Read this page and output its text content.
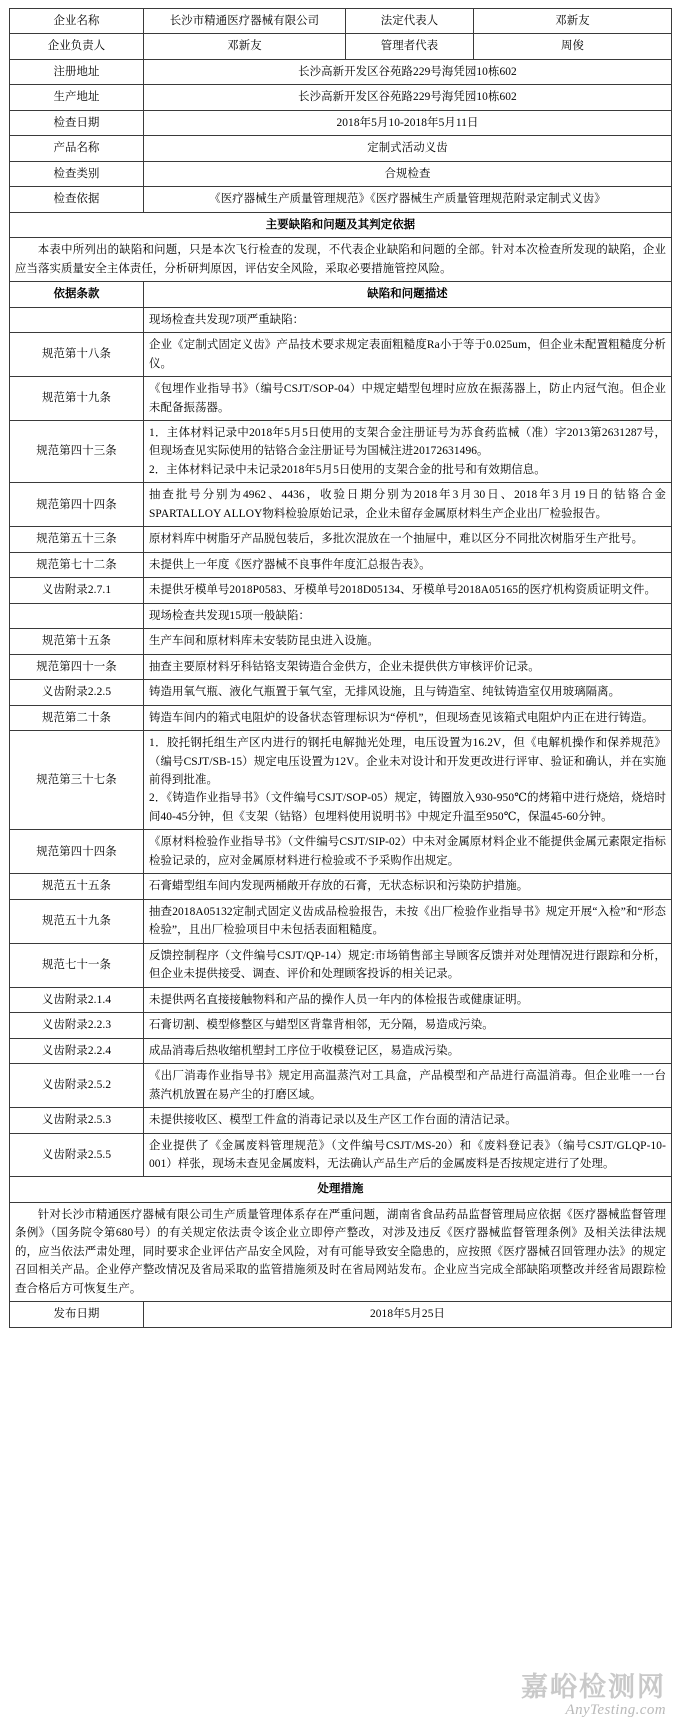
企业名称	长沙市精通医疗器械有限公司	法定代表人	邓新友
企业负责人	邓新友	管理者代表	周俊
注册地址	长沙高新开发区谷苑路229号海凭园10栋602
生产地址	长沙高新开发区谷苑路229号海凭园10栋602
检查日期	2018年5月10-2018年5月11日
产品名称	定制式活动义齿
检查类别	合规检查
检查依据	《医疗器械生产质量管理规范》《医疗器械生产质量管理规范附录定制式义齿》
主要缺陷和问题及其判定依据

本表中所列出的缺陷和问题，只是本次飞行检查的发现，不代表企业缺陷和问题的全部。针对本次检查所发现的缺陷，企业应当落实质量安全主体责任，分析研判原因，评估安全风险，采取必要措施管控风险。

依据条款	缺陷和问题描述

现场检查共发现7项严重缺陷：

规范第十八条	企业《定制式固定义齿》产品技术要求规定表面粗糙度Ra小于等于0.025um，但企业未配置粗糙度分析仪。

规范第十九条	《包埋作业指导书》（编号CSJT/SOP-04）中规定蜡型包埋时应放在振荡器上，防止内冠气泡。但企业未配备振荡器。

规范第四十三条	1．主体材料记录中2018年5月5日使用的支架合金注册证号为苏食药监械（准）字2013第2631287号，但现场查见实际使用的钴铬合金注册证号为国械注进20172631496。

2．主体材料记录中未记录2018年5月5日使用的支架合金的批号和有效期信息。

规范第四十四条	抽查批号分别为4962、4436，收验日期分别为2018年3月30日、2018年3月19日的钴铬合金SPARTALLOY ALLOY物料检验原始记录，企业未留存金属原材料生产企业出厂检验报告。

规范第五十三条	原材料库中树脂牙产品脱包装后，多批次混放在一个抽屉中，难以区分不同批次树脂牙生产批号。

规范第七十二条	未提供上一年度《医疗器械不良事件年度汇总报告表》。

义齿附录2.7.1	未提供牙模单号2018P0583、牙模单号2018D05134、牙模单号2018A05165的医疗机构资质证明文件。

现场检查共发现15项一般缺陷：

规范第十五条	生产车间和原材料库未安装防昆虫进入设施。

规范第四十一条	抽查主要原材料牙科钴铬支架铸造合金供方，企业未提供供方审核评价记录。

义齿附录2.2.5	铸造用氧气瓶、液化气瓶置于氧气室，无排风设施，且与铸造室、纯钛铸造室仅用玻璃隔离。

规范第二十条	铸造车间内的箱式电阻炉的设备状态管理标识为“停机”，但现场查见该箱式电阻炉内正在进行铸造。

规范第三十七条	1．胶托钢托组生产区内进行的钢托电解抛光处理，电压设置为16.2V，但《电解机操作和保养规范》（编号CSJT/SB-15）规定电压设置为12V。企业未对设计和开发更改进行评审、验证和确认，并在实施前得到批准。

2．《铸造作业指导书》（文件编号CSJT/SOP-05）规定，铸圈放入930-950℃的烤箱中进行烧焙，烧焙时间40-45分钟，但《支架（钴铬）包埋料使用说明书》中规定升温至950℃，保温45-60分钟。

规范第四十四条	《原材料检验作业指导书》（文件编号CSJT/SIP-02）中未对金属原材料企业不能提供金属元素限定指标检验记录的，应对金属原材料进行检验或不予采购作出规定。

规范五十五条	石膏蜡型组车间内发现两桶敞开存放的石膏，无状态标识和污染防护措施。

规范五十九条	抽查2018A05132定制式固定义齿成品检验报告，未按《出厂检验作业指导书》规定开展“入检”和“形态检验”，且出厂检验项目中未包括表面粗糙度。

规范七十一条	反馈控制程序（文件编号CSJT/QP-14）规定:市场销售部主导顾客反馈并对处理情况进行跟踪和分析，但企业未提供接受、调查、评价和处理顾客投诉的相关记录。

义齿附录2.1.4	未提供两名直接接触物料和产品的操作人员一年内的体检报告或健康证明。

义齿附录2.2.3	石膏切割、模型修整区与蜡型区背靠背相邻，无分隔，易造成污染。

义齿附录2.2.4	成品消毒后热收缩机塑封工序位于收模登记区，易造成污染。

义齿附录2.5.2	《出厂消毒作业指导书》规定用高温蒸汽对工具盒，产品模型和产品进行高温消毒。但企业唯一一台蒸汽机放置在易产尘的打磨区域。

义齿附录2.5.3	未提供接收区、模型工件盒的消毒记录以及生产区工作台面的清洁记录。

义齿附录2.5.5	企业提供了《金属废料管理规范》（文件编号CSJT/MS-20）和《废料登记表》（编号CSJT/GLQP-10-001）样张，现场未查见金属废料，无法确认产品生产后的金属废料是否按规定进行了处理。

处理措施

针对长沙市精通医疗器械有限公司生产质量管理体系存在严重问题，湖南省食品药品监督管理局应依据《医疗器械监督管理条例》（国务院令第680号）的有关规定依法责令该企业立即停产整改，对涉及违反《医疗器械监督管理条例》及相关法律法规的，应当依法严肃处理，同时要求企业评估产品安全风险，对有可能导致安全隐患的，应按照《医疗器械召回管理办法》的规定召回相关产品。企业停产整改情况及省局采取的监管措施须及时在省局网站发布。企业应当完成全部缺陷项整改并经省局跟踪检查合格后方可恢复生产。

发布日期	2018年5月25日
嘉峪检测网
AnyTesting.com
